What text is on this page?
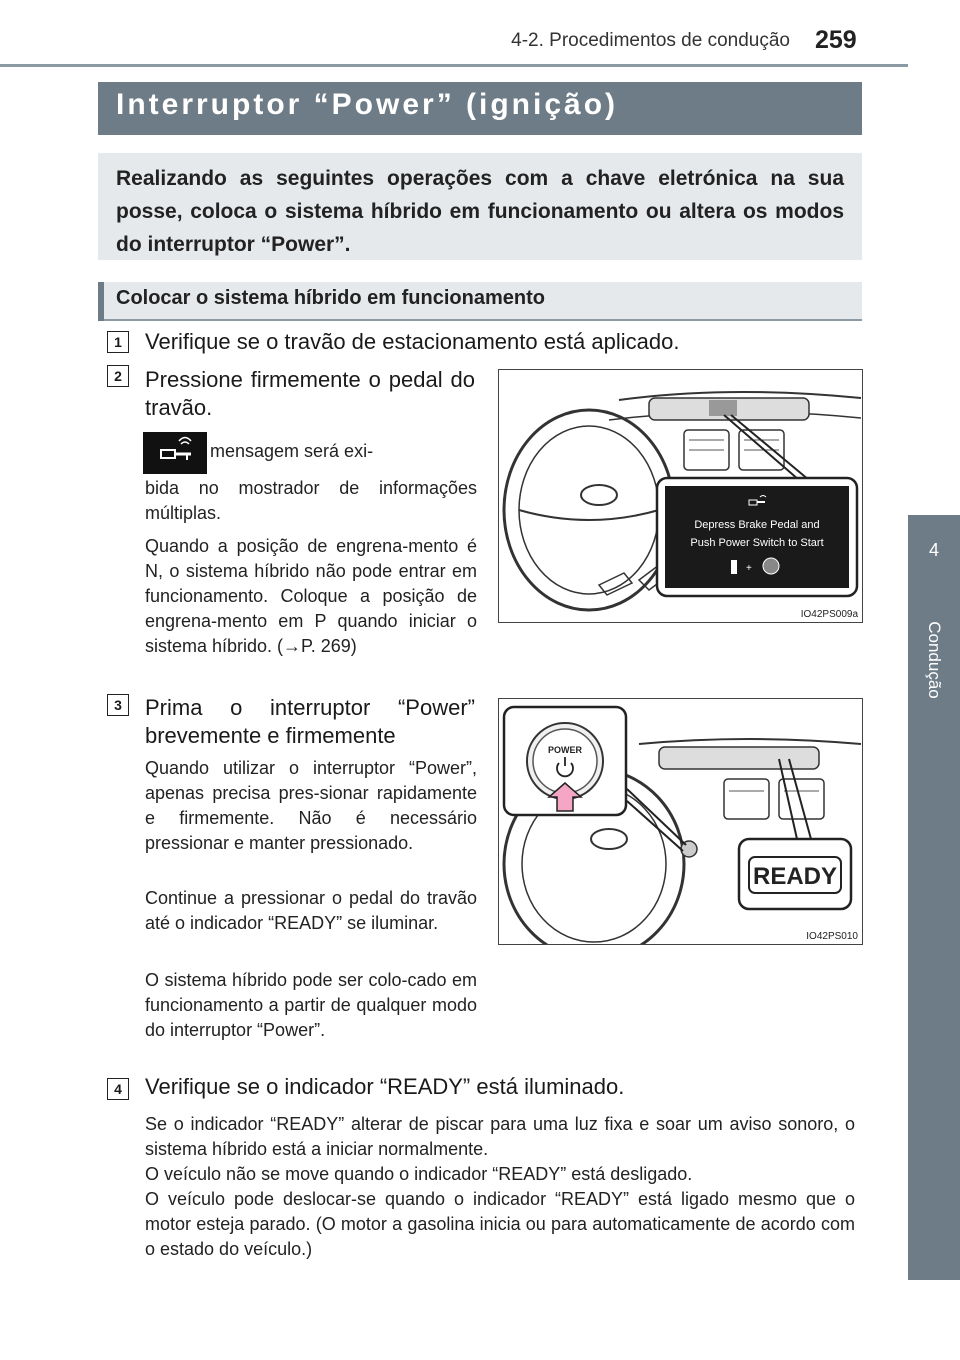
4-2. Procedimentos de condução 259
4
Condução
Interruptor “Power” (ignição)
Realizando as seguintes operações com a chave eletrónica na sua posse, coloca o sistema híbrido em funcionamento ou altera os modos do interruptor “Power”.
Colocar o sistema híbrido em funcionamento
1	Verifique se o travão de estacionamento está aplicado.
2	Pressione firmemente o pedal do travão.
mensagem será exi-
bida no mostrador de informações múltiplas.
Quando a posição de engrena-mento é N, o sistema híbrido não pode entrar em funcionamento. Coloque a posição de engrena-mento em P quando iniciar o sistema híbrido. (→P. 269)
Depress Brake Pedal and
Push Power Switch to Start
+
IO42PS009a
3	Prima o interruptor “Power” brevemente e firmemente
Quando utilizar o interruptor “Power”, apenas precisa pres-sionar rapidamente e firmemente. Não é necessário pressionar e manter pressionado.
Continue a pressionar o pedal do travão até o indicador “READY” se iluminar.
O sistema híbrido pode ser colo-cado em funcionamento a partir de qualquer modo do interruptor “Power”.
READY
POWER
IO42PS010
4	Verifique se o indicador “READY” está iluminado.
Se o indicador “READY” alterar de piscar para uma luz fixa e soar um aviso sonoro, o sistema híbrido está a iniciar normalmente.
O veículo não se move quando o indicador “READY” está desligado.
O veículo pode deslocar-se quando o indicador “READY” está ligado mesmo que o motor esteja parado. (O motor a gasolina inicia ou para automaticamente de acordo com o estado do veículo.)
